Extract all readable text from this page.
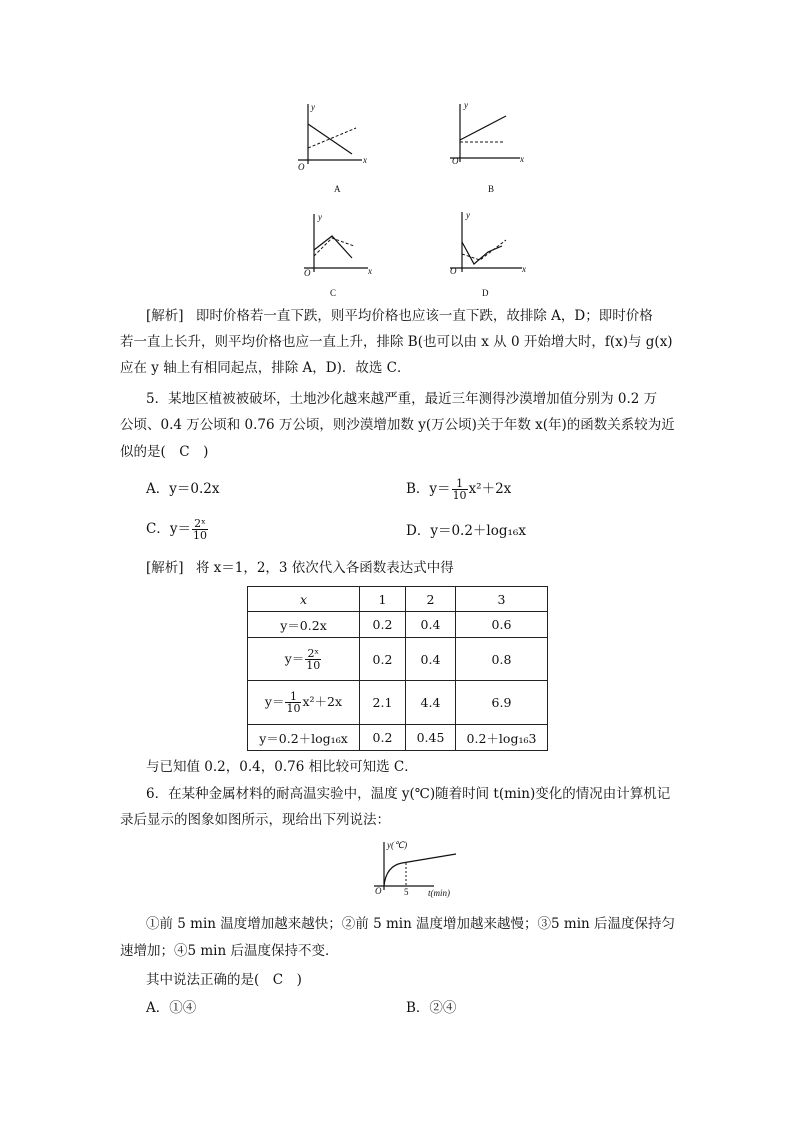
y
x
O
A
y
x
O
B
y
x
O
C
y
x
O
D
[解析] 即时价格若一直下跌，则平均价格也应该一直下跌，故排除 A，D；即时价格
若一直上长升，则平均价格也应一直上升，排除 B(也可以由 x 从 0 开始增大时，f(x)与 g(x)
应在 y 轴上有相同起点，排除 A，D)．故选 C．
5．某地区植被被破坏，土地沙化越来越严重，最近三年测得沙漠增加值分别为 0.2 万
公顷、0.4 万公顷和 0.76 万公顷，则沙漠增加数 y(万公顷)关于年数 x(年)的函数关系较为近
似的是(　C　)
A．y＝0.2x	B．$y= \frac{1}{10} x^2+2x$
C．$y= \frac{\text{2ˣ}}{10}$	D．y＝0.2＋log₁₆x
[解析] 将 x＝1，2，3 依次代入各函数表达式中得
x	1	2	3
y＝0.2x	0.2	0.4	0.6
$y= \frac{\text{2ˣ}}{10}$	0.2	0.4	0.8
$y= \frac{1}{10} x^2+2x$	2.1	4.4	6.9
y＝0.2＋log₁₆x	0.2	0.45	0.2＋log₁₆3
与已知值 0.2，0.4，0.76 相比较可知选 C．
6．在某种金属材料的耐高温实验中，温度 y(℃)随着时间 t(min)变化的情况由计算机记
录后显示的图象如图所示，现给出下列说法：
y(℃)
t(min)
O	5
①前 5 min 温度增加越来越快；②前 5 min 温度增加越来越慢；③5 min 后温度保持匀
速增加；④5 min 后温度保持不变．
其中说法正确的是(　C　)
A．①④	B．②④
